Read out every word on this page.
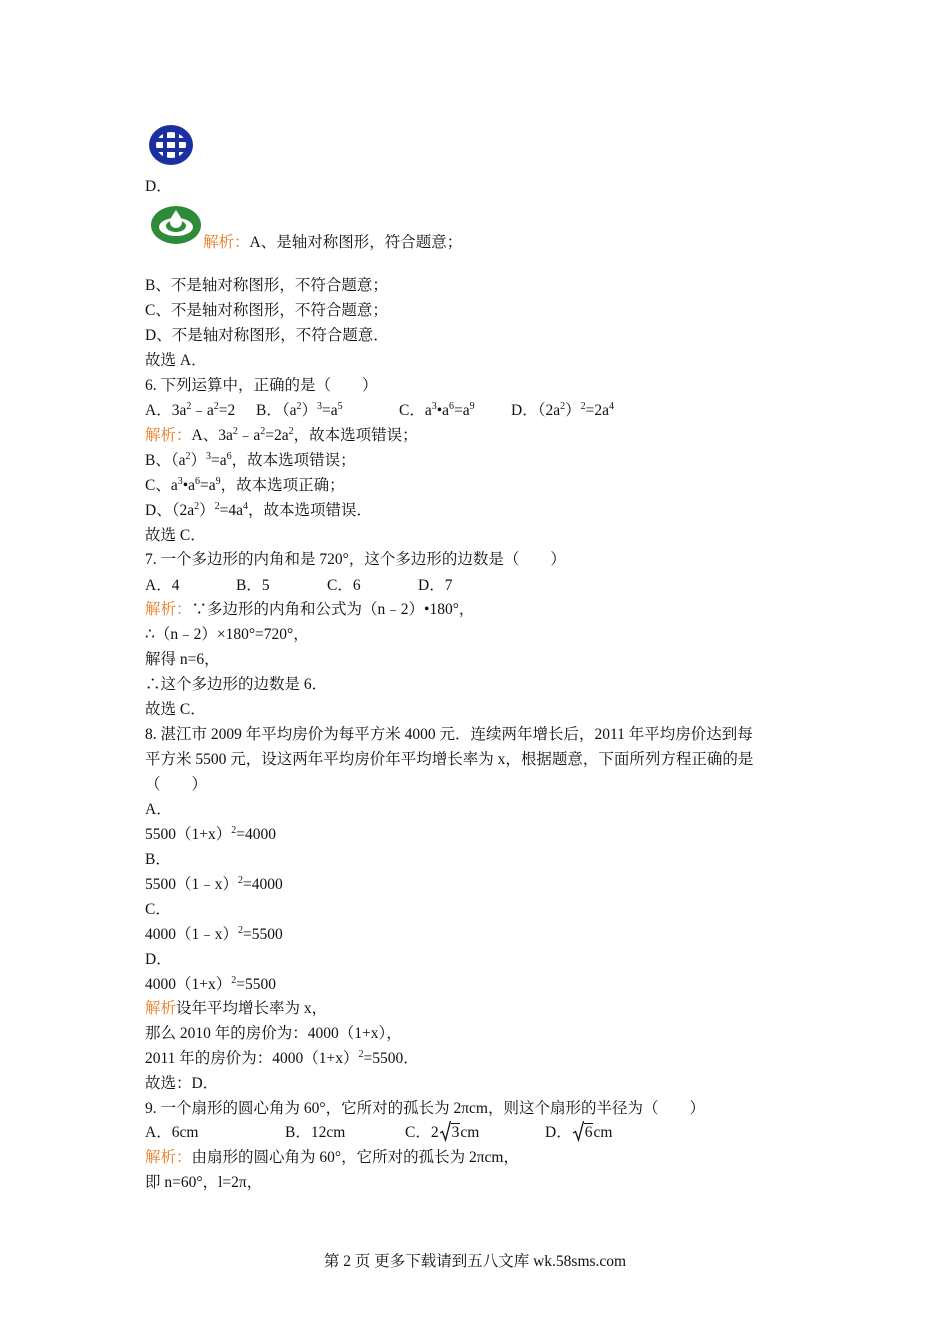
D．
解析：A、是轴对称图形，符合题意；
B、不是轴对称图形，不符合题意；
C、不是轴对称图形，不符合题意；
D、不是轴对称图形，不符合题意．
故选 A．
6. 下列运算中，正确的是（　　）
A．$3a^2﹣a^2=2$ B．$(a^2)^3=a^5$	C．$a^3•a^6=a^9$ D．$(2a^2)^2=2a^4$
解析：A、$3a^2﹣a^2=2a^2$，故本选项错误；
B、$(a^2)^3=a^6$，故本选项错误；
C、$a^3•a^6=a^9$，故本选项正确；
D、$(2a^2)^2=4a^4$，故本选项错误．
故选 C．
7. 一个多边形的内角和是 720°，这个多边形的边数是（　　）
A．4	B．5	C．6	D．7
解析：∵多边形的内角和公式为（n﹣2）•180°，
∴（n﹣2）×180°=720°，
解得 n=6，
∴这个多边形的边数是 6．
故选 C．
8. 湛江市 2009 年平均房价为每平方米 4000 元．连续两年增长后，2011 年平均房价达到每
平方米 5500 元，设这两年平均房价年平均增长率为 x，根据题意，下面所列方程正确的是
（　　）
A．
$5500(1+x)^2=4000$
B．
5500（1﹣x）$^2$=4000
C．
4000（1﹣x）$^2$=5500
D．
$4000(1+x)^2=5500$
解析设年平均增长率为 x，
那么 2010 年的房价为：4000（1+x），
2011 年的房价为：$4000(1+x)^2=5500$．
故选：D．
9. 一个扇形的圆心角为 60°，它所对的孤长为 2πcm，则这个扇形的半径为（　　）
A．6cm	B．12cm	C．2 3cm	D． 6cm
解析：由扇形的圆心角为 60°，它所对的孤长为 2πcm，
即 n=60°，l=2π，
第 2 页 更多下载请到五八文库 wk.58sms.com
